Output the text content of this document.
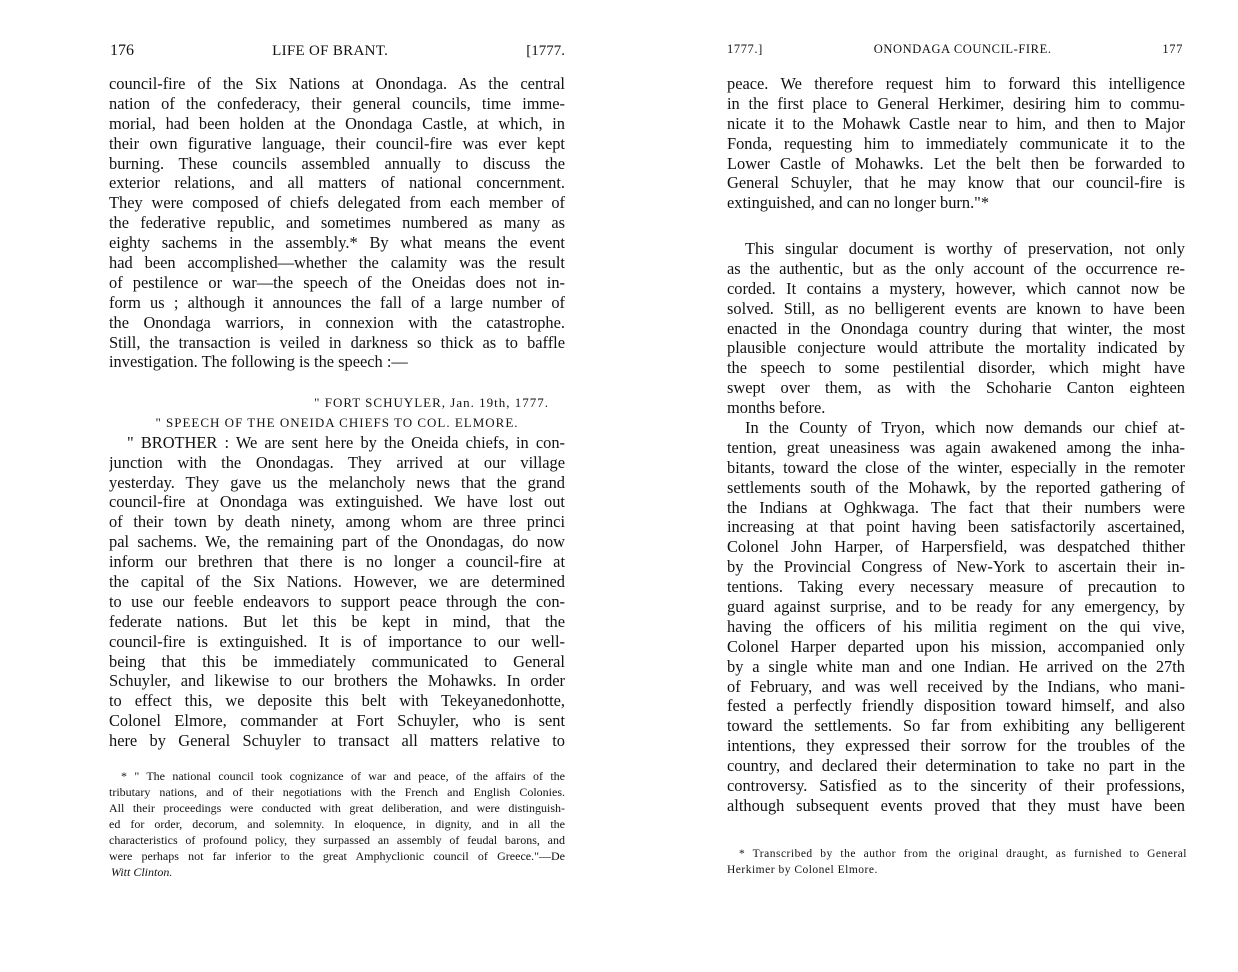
176	LIFE OF BRANT.	[1777.
council-fire of the Six Nations at Onondaga. As the central
nation of the confederacy, their general councils, time imme-
morial, had been holden at the Onondaga Castle, at which, in
their own figurative language, their council-fire was ever kept
burning. These councils assembled annually to discuss the
exterior relations, and all matters of national concernment.
They were composed of chiefs delegated from each member of
the federative republic, and sometimes numbered as many as
eighty sachems in the assembly.* By what means the event
had been accomplished—whether the calamity was the result
of pestilence or war—the speech of the Oneidas does not in-
form us ; although it announces the fall of a large number of
the Onondaga warriors, in connexion with the catastrophe.
Still, the transaction is veiled in darkness so thick as to baffle
investigation. The following is the speech :—
" FORT SCHUYLER, Jan. 19th, 1777.
" SPEECH OF THE ONEIDA CHIEFS TO COL. ELMORE.
" BROTHER : We are sent here by the Oneida chiefs, in con-
junction with the Onondagas. They arrived at our village
yesterday. They gave us the melancholy news that the grand
council-fire at Onondaga was extinguished. We have lost out
of their town by death ninety, among whom are three princi
pal sachems. We, the remaining part of the Onondagas, do now
inform our brethren that there is no longer a council-fire at
the capital of the Six Nations. However, we are determined
to use our feeble endeavors to support peace through the con-
federate nations. But let this be kept in mind, that the
council-fire is extinguished. It is of importance to our well-
being that this be immediately communicated to General
Schuyler, and likewise to our brothers the Mohawks. In order
to effect this, we deposite this belt with Tekeyanedonhotte,
Colonel Elmore, commander at Fort Schuyler, who is sent
here by General Schuyler to transact all matters relative to
* " The national council took cognizance of war and peace, of the affairs of the
tributary nations, and of their negotiations with the French and English Colonies.
All their proceedings were conducted with great deliberation, and were distinguish-
ed for order, decorum, and solemnity. In eloquence, in dignity, and in all the
characteristics of profound policy, they surpassed an assembly of feudal barons, and
were perhaps not far inferior to the great Amphyclionic council of Greece."—De
Witt Clinton.
1777.]	ONONDAGA COUNCIL-FIRE.	177
peace. We therefore request him to forward this intelligence
in the first place to General Herkimer, desiring him to commu-
nicate it to the Mohawk Castle near to him, and then to Major
Fonda, requesting him to immediately communicate it to the
Lower Castle of Mohawks. Let the belt then be forwarded to
General Schuyler, that he may know that our council-fire is
extinguished, and can no longer burn."*
This singular document is worthy of preservation, not only
as the authentic, but as the only account of the occurrence re-
corded. It contains a mystery, however, which cannot now be
solved. Still, as no belligerent events are known to have been
enacted in the Onondaga country during that winter, the most
plausible conjecture would attribute the mortality indicated by
the speech to some pestilential disorder, which might have
swept over them, as with the Schoharie Canton eighteen
months before.
In the County of Tryon, which now demands our chief at-
tention, great uneasiness was again awakened among the inha-
bitants, toward the close of the winter, especially in the remoter
settlements south of the Mohawk, by the reported gathering of
the Indians at Oghkwaga. The fact that their numbers were
increasing at that point having been satisfactorily ascertained,
Colonel John Harper, of Harpersfield, was despatched thither
by the Provincial Congress of New-York to ascertain their in-
tentions. Taking every necessary measure of precaution to
guard against surprise, and to be ready for any emergency, by
having the officers of his militia regiment on the qui vive,
Colonel Harper departed upon his mission, accompanied only
by a single white man and one Indian. He arrived on the 27th
of February, and was well received by the Indians, who mani-
fested a perfectly friendly disposition toward himself, and also
toward the settlements. So far from exhibiting any belligerent
intentions, they expressed their sorrow for the troubles of the
country, and declared their determination to take no part in the
controversy. Satisfied as to the sincerity of their professions,
although subsequent events proved that they must have been
* Transcribed by the author from the original draught, as furnished to General
Herkimer by Colonel Elmore.
